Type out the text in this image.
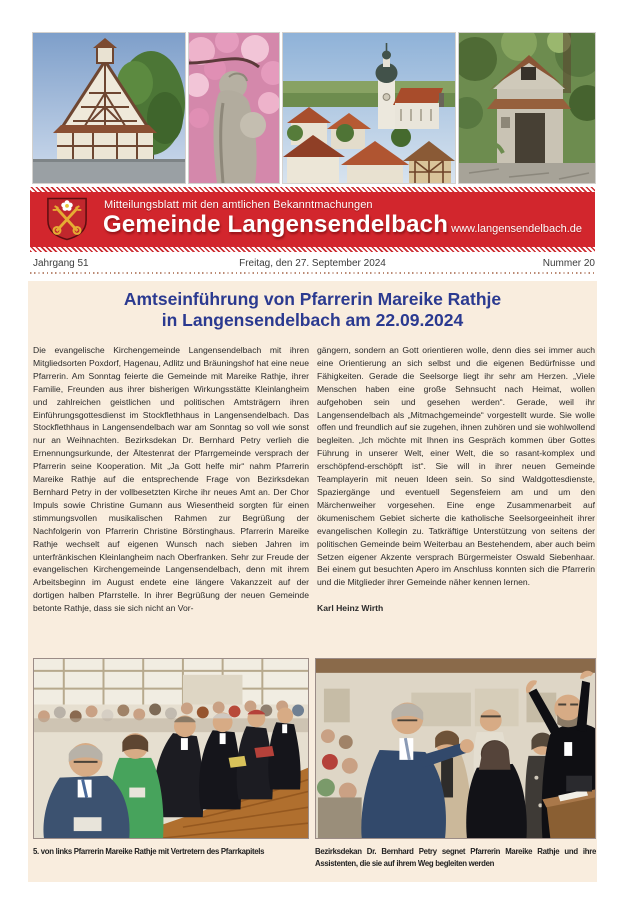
Mitteilungsblatt mit den amtlichen Bekanntmachungen
Gemeinde Langensendelbach www.langensendelbach.de
Jahrgang 51	Freitag, den 27. September 2024	Nummer 20
Amtseinführung von Pfarrerin Mareike Rathje
in Langensendelbach am 22.09.2024

Die evangelische Kirchengemeinde Langensendelbach mit ihren Mitgliedsorten Poxdorf, Hagenau, Adlitz und Bräuningshof hat eine neue Pfarrerin. Am Sonntag feierte die Gemeinde mit Mareike Rathje, ihrer Familie, Freunden aus ihrer bisherigen Wirkungsstätte Kleinlangheim und zahlreichen geistlichen und politischen Amtsträgern ihren Einführungsgottesdienst im Stockflethhaus in Langensendelbach. Das Stockflethhaus in Langensendelbach war am Sonntag so voll wie sonst nur an Weihnachten. Bezirksdekan Dr. Bernhard Petry verlieh die Ernennungsurkunde, der Ältestenrat der Pfarrgemeinde versprach der Pfarrerin seine Kooperation. Mit „Ja Gott helfe mir“ nahm Pfarrerin Mareike Rathje auf die entsprechende Frage von Bezirksdekan Bernhard Petry in der vollbesetzten Kirche ihr neues Amt an. Der Chor Impuls sowie Christine Gumann aus Wiesentheid sorgten für einen stimmungsvollen musikalischen Rahmen zur Begrüßung der Nachfolgerin von Pfarrerin Christine Börstinghaus. Pfarrerin Mareike Rathje wechselt auf eigenen Wunsch nach sieben Jahren im unterfränkischen Kleinlangheim nach Oberfranken. Sehr zur Freude der evangelischen Kirchengemeinde Langensendelbach, denn mit ihrem Arbeitsbeginn im August endete eine längere Vakanzzeit auf der dortigen halben Pfarrstelle. In ihrer Begrüßung der neuen Gemeinde betonte Rathje, dass sie sich nicht an Vor-

gängern, sondern an Gott orientieren wolle, denn dies sei immer auch eine Orientierung an sich selbst und die eigenen Bedürfnisse und Fähigkeiten. Gerade die Seelsorge liegt ihr sehr am Herzen. „Viele Menschen haben eine große Sehnsucht nach Heimat, wollen aufgehoben sein und gesehen werden“. Gerade, weil ihr Langensendelbach als „Mitmachgemeinde“ vorgestellt wurde. Sie wolle offen und freundlich auf sie zugehen, ihnen zuhören und sie wohlwollend begleiten. „Ich möchte mit Ihnen ins Gespräch kommen über Gottes Führung in unserer Welt, einer Welt, die so rasant-komplex und erschöpfend-erschöpft ist“. Sie will in ihrer neuen Gemeinde Teamplayerin mit neuen Ideen sein. So sind Waldgottesdienste, Spaziergänge und eventuell Segensfeiern am und um den Märchenweiher vorgesehen. Eine enge Zusammenarbeit auf ökumenischem Gebiet sicherte die katholische Seelsorgeeinheit ihrer evangelischen Kollegin zu. Tatkräftige Unterstützung von seitens der politischen Gemeinde beim Weiterbau an Bestehendem, aber auch beim Setzen eigener Akzente versprach Bürgermeister Oswald Siebenhaar. Bei einem gut besuchten Apero im Anschluss konnten sich die Pfarrerin und die Mitglieder ihrer Gemeinde näher kennen lernen.

Karl Heinz Wirth

5. von links Pfarrerin Mareike Rathje mit Vertretern des Pfarrkapitels	Bezirksdekan Dr. Bernhard Petry segnet Pfarrerin Mareike Rathje und ihre Assistenten, die sie auf ihrem Weg begleiten werden
